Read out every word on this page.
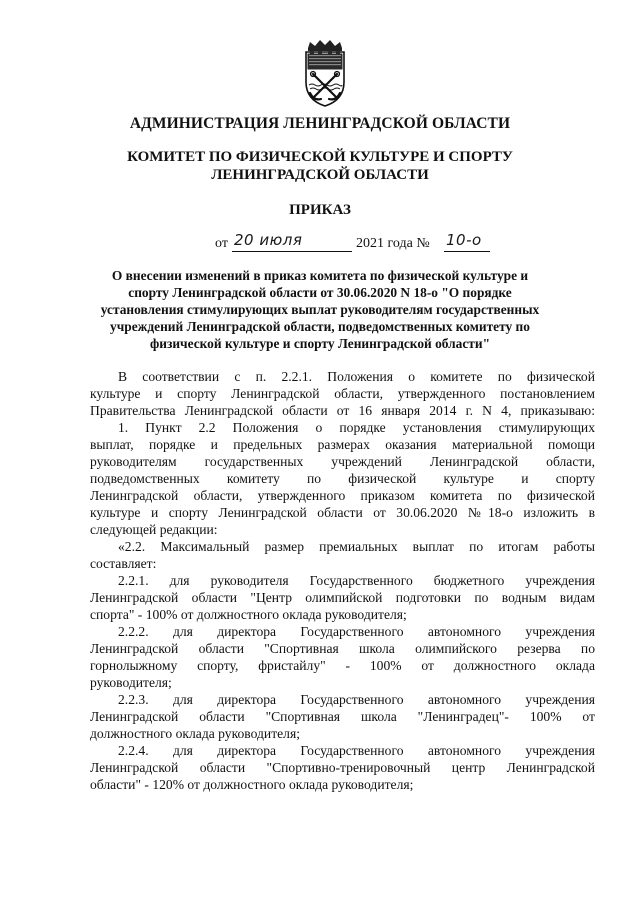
АДМИНИСТРАЦИЯ ЛЕНИНГРАДСКОЙ ОБЛАСТИ
КОМИТЕТ ПО ФИЗИЧЕСКОЙ КУЛЬТУРЕ И СПОРТУ
ЛЕНИНГРАДСКОЙ ОБЛАСТИ
ПРИКАЗ
от 20 июля	2021 года № 10-о
О внесении изменений в приказ комитета по физической культуре и
спорту Ленинградской области от 30.06.2020 N 18-о "О порядке
установления стимулирующих выплат руководителям государственных
учреждений Ленинградской области, подведомственных комитету по
физической культуре и спорту Ленинградской области"
В соответствии с п. 2.2.1. Положения о комитете по физической
культуре и спорту Ленинградской области, утвержденного постановлением
Правительства Ленинградской области от 16 января 2014 г. N 4, приказываю:
1. Пункт 2.2 Положения о порядке установления стимулирующих
выплат, порядке и предельных размерах оказания материальной помощи
руководителям государственных учреждений Ленинградской области,
подведомственных комитету по физической культуре и спорту
Ленинградской области, утвержденного приказом комитета по физической
культуре и спорту Ленинградской области от 30.06.2020 №18-о изложить в
следующей редакции:
«2.2. Максимальный размер премиальных выплат по итогам работы
составляет:
2.2.1. для руководителя Государственного бюджетного учреждения
Ленинградской области "Центр олимпийской подготовки по водным видам
спорта" - 100% от должностного оклада руководителя;
2.2.2. для директора Государственного автономного учреждения
Ленинградской области "Спортивная школа олимпийского резерва по
горнолыжному спорту, фристайлу" - 100% от должностного оклада
руководителя;
2.2.3. для директора Государственного автономного учреждения
Ленинградской области "Спортивная школа "Ленинградец"- 100% от
должностного оклада руководителя;
2.2.4. для директора Государственного автономного учреждения
Ленинградской области "Спортивно-тренировочный центр Ленинградской
области" - 120% от должностного оклада руководителя;
